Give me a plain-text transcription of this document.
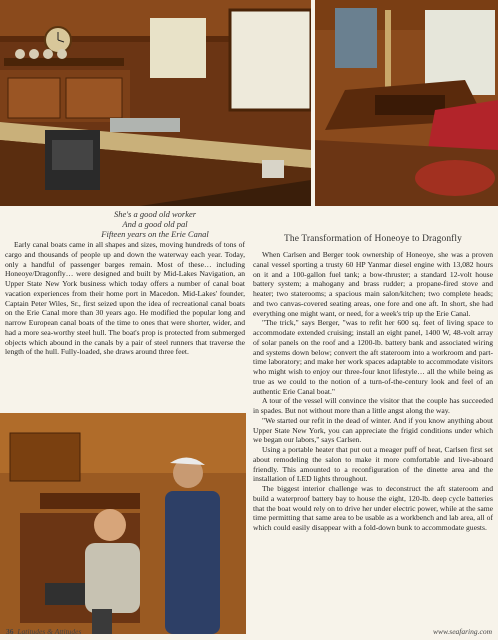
She's a good old worker
And a good old pal
Fifteen years on the Erie Canal

Early canal boats came in all shapes and sizes, moving hundreds of tons of cargo and thousands of people up and down the waterway each year. Today, only a handful of passenger barges remain. Most of these… including Honeoye/Dragonfly… were designed and built by Mid-Lakes Navigation, an Upper State New York business which today offers a number of canal boat vacation experiences from their home port in Macedon. Mid-Lakes' founder, Captain Peter Wiles, Sr., first seized upon the idea of recreational canal boats on the Erie Canal more than 30 years ago. He modified the popular long and narrow European canal boats of the time to ones that were shorter, wider, and had a more sea-worthy steel hull. The boat's prop is protected from submerged objects which abound in the canals by a pair of steel runners that traverse the length of the hull. Fully-loaded, she draws around three feet.

The Transformation of Honeoye to Dragonfly

When Carlsen and Berger took ownership of Honeoye, she was a proven canal vessel sporting a trusty 60 HP Yanmar diesel engine with 13,082 hours on it and a 100-gallon fuel tank; a bow-thruster; a standard 12-volt house battery system; a mahogany and brass rudder; a propane-fired stove and heater; two staterooms; a spacious main salon/kitchen; two complete heads; and two canvas-covered seating areas, one fore and one aft. In short, she had everything one might want, or need, for a week's trip up the Erie Canal.

"The trick," says Berger, "was to refit her 600 sq. feet of living space to accommodate extended cruising; install an eight panel, 1400 W, 48-volt array of solar panels on the roof and a 1200-lb. battery bank and associated wiring and systems down below; convert the aft stateroom into a workroom and part-time laboratory; and make her work spaces adaptable to accommodate visitors who might wish to enjoy our three-four knot lifestyle… all the while being as true as we could to the notion of a turn-of-the-century look and feel of an authentic Erie Canal boat."

A tour of the vessel will convince the visitor that the couple has succeeded in spades. But not without more than a little angst along the way.

"We started our refit in the dead of winter. And if you know anything about Upper State New York, you can appreciate the frigid conditions under which we began our labors," says Carlsen.

Using a portable heater that put out a meager puff of heat, Carlsen first set about remodeling the salon to make it more comfortable and live-aboard friendly. This amounted to a reconfiguration of the dinette area and the installation of LED lights throughout.

The biggest interior challenge was to deconstruct the aft stateroom and build a waterproof battery bay to house the eight, 120-lb. deep cycle batteries that the boat would rely on to drive her under electric power, while at the same time permitting that same area to be usable as a workbench and lab area, all of which could easily disappear with a fold-down bunk to accommodate guests.

36 Latitudes & Attitudes	www.seafaring.com
